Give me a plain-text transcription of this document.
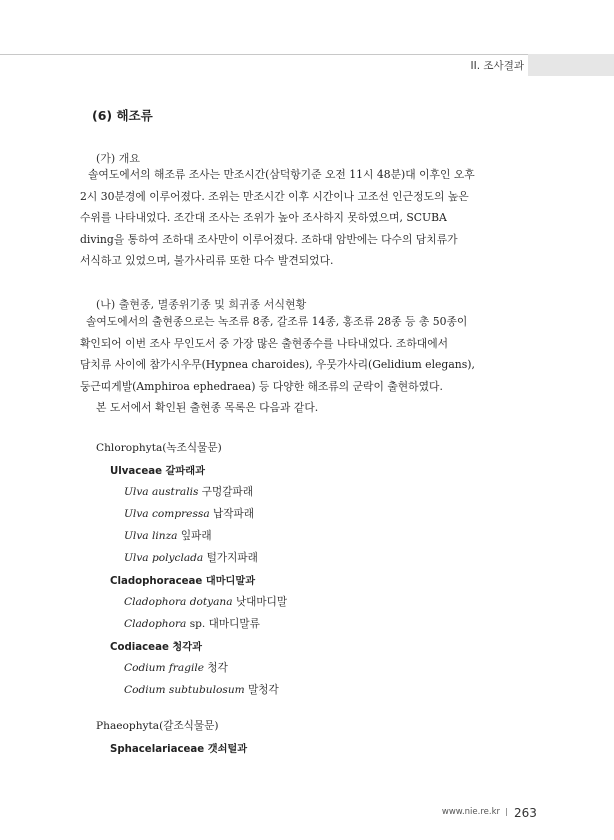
II. 조사결과
(6) 해조류
(가) 개요
솔여도에서의 해조류 조사는 만조시간(삼덕항기준 오전 11시 48분)대 이후인 오후
2시 30분경에 이루어졌다. 조위는 만조시간 이후 시간이나 고조선 인근정도의 높은
수위를 나타내었다. 조간대 조사는 조위가 높아 조사하지 못하였으며, SCUBA
diving을 통하여 조하대 조사만이 이루어졌다. 조하대 암반에는 다수의 담치류가
서식하고 있었으며, 불가사리류 또한 다수 발견되었다.
(나) 출현종, 멸종위기종 및 희귀종 서식현황
솔여도에서의 출현종으로는 녹조류 8종, 갈조류 14종, 홍조류 28종 등 총 50종이
확인되어 이번 조사 무인도서 중 가장 많은 출현종수를 나타내었다. 조하대에서
담치류 사이에 참가시우무(Hypnea charoides), 우뭇가사리(Gelidium elegans),
둥근띠게발(Amphiroa ephedraea) 등 다양한 해조류의 군락이 출현하였다.
본 도서에서 확인된 출현종 목록은 다음과 같다.
Chlorophyta(녹조식물문)
Ulvaceae 갈파래과
Ulva australis 구멍갈파래
Ulva compressa 납작파래
Ulva linza 잎파래
Ulva polyclada 털가지파래
Cladophoraceae 대마디말과
Cladophora dotyana 낫대마디말
Cladophora sp. 대마디말류
Codiaceae 청각과
Codium fragile 청각
Codium subtubulosum 말청각
Phaeophyta(갈조식물문)
Sphacelariaceae 갯쇠털과
www.nie.re.kr 263
